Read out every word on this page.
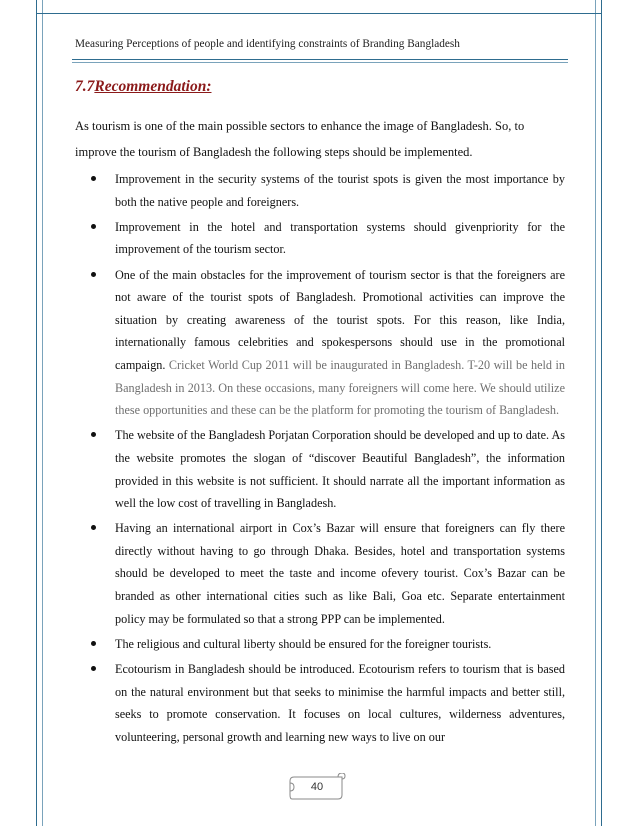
Measuring Perceptions of people and identifying constraints of Branding Bangladesh
7.7Recommendation:
As tourism is one of the main possible sectors to enhance the image of Bangladesh. So, to improve the tourism of Bangladesh the following steps should be implemented.
Improvement in the security systems of the tourist spots is given the most importance by both the native people and foreigners.
Improvement in the hotel and transportation systems should givenpriority for the improvement of the tourism sector.
One of the main obstacles for the improvement of tourism sector is that the foreigners are not aware of the tourist spots of Bangladesh. Promotional activities can improve the situation by creating awareness of the tourist spots. For this reason, like India, internationally famous celebrities and spokespersons should use in the promotional campaign. Cricket World Cup 2011 will be inaugurated in Bangladesh. T-20 will be held in Bangladesh in 2013. On these occasions, many foreigners will come here. We should utilize these opportunities and these can be the platform for promoting the tourism of Bangladesh.
The website of the Bangladesh Porjatan Corporation should be developed and up to date. As the website promotes the slogan of “discover Beautiful Bangladesh”, the information provided in this website is not sufficient. It should narrate all the important information as well the low cost of travelling in Bangladesh.
Having an international airport in Cox’s Bazar will ensure that foreigners can fly there directly without having to go through Dhaka. Besides, hotel and transportation systems should be developed to meet the taste and income ofevery tourist. Cox’s Bazar can be branded as other international cities such as like Bali, Goa etc. Separate entertainment policy may be formulated so that a strong PPP can be implemented.
The religious and cultural liberty should be ensured for the foreigner tourists.
Ecotourism in Bangladesh should be introduced. Ecotourism refers to tourism that is based on the natural environment but that seeks to minimise the harmful impacts and better still, seeks to promote conservation. It focuses on local cultures, wilderness adventures, volunteering, personal growth and learning new ways to live on our
40
